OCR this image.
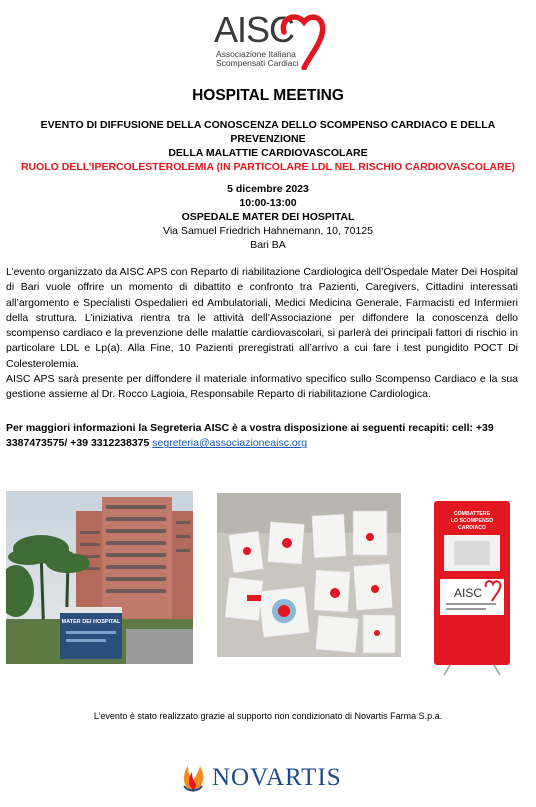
AISC
Associazione Italiana
Scompensati Cardiaci
HOSPITAL MEETING
EVENTO DI DIFFUSIONE DELLA CONOSCENZA DELLO SCOMPENSO CARDIACO E DELLA PREVENZIONE
DELLA MALATTIE CARDIOVASCOLARE
RUOLO DELL’IPERCOLESTEROLEMIA (IN PARTICOLARE LDL NEL RISCHIO CARDIOVASCOLARE)
5 dicembre 2023
10:00-13:00
OSPEDALE MATER DEI HOSPITAL
Via Samuel Friedrich Hahnemann, 10, 70125
Bari BA

L’evento organizzato da AISC APS con Reparto di riabilitazione Cardiologica dell’Ospedale Mater Dei Hospital di Bari vuole offrire un momento di dibattito e confronto tra Pazienti, Caregivers, Cittadini interessati all’argomento e Specialisti Ospedalieri ed Ambulatoriali, Medici Medicina Generale, Farmacisti ed Infermieri della struttura. L’iniziativa rientra tra le attività dell’Associazione per diffondere la conoscenza dello scompenso cardiaco e la prevenzione delle malattie cardiovascolari, si parlerà dei principali fattori di rischio in particolare LDL e Lp(a). Alla Fine, 10 Pazienti preregistrati all’arrivo a cui fare i test pungidito POCT Di Colesterolemia.

AISC APS sarà presente per diffondere il materiale informativo specifico sullo Scompenso Cardiaco e la sua gestione assieme al Dr. Rocco Lagioia, Responsabile Reparto di riabilitazione Cardiologica.

Per maggiori informazioni la Segreteria AISC è a vostra disposizione ai seguenti recapiti: cell: +39 3387473575/ +39 3312238375 segreteria@associazioneaisc.org
MATER DEI HOSPITAL
COMBATTERE
LO SCOMPENSO
CARDIACO
AISC
L’evento è stato realizzato grazie al supporto non condizionato di Novartis Farma S.p.a.
NOVARTIS
